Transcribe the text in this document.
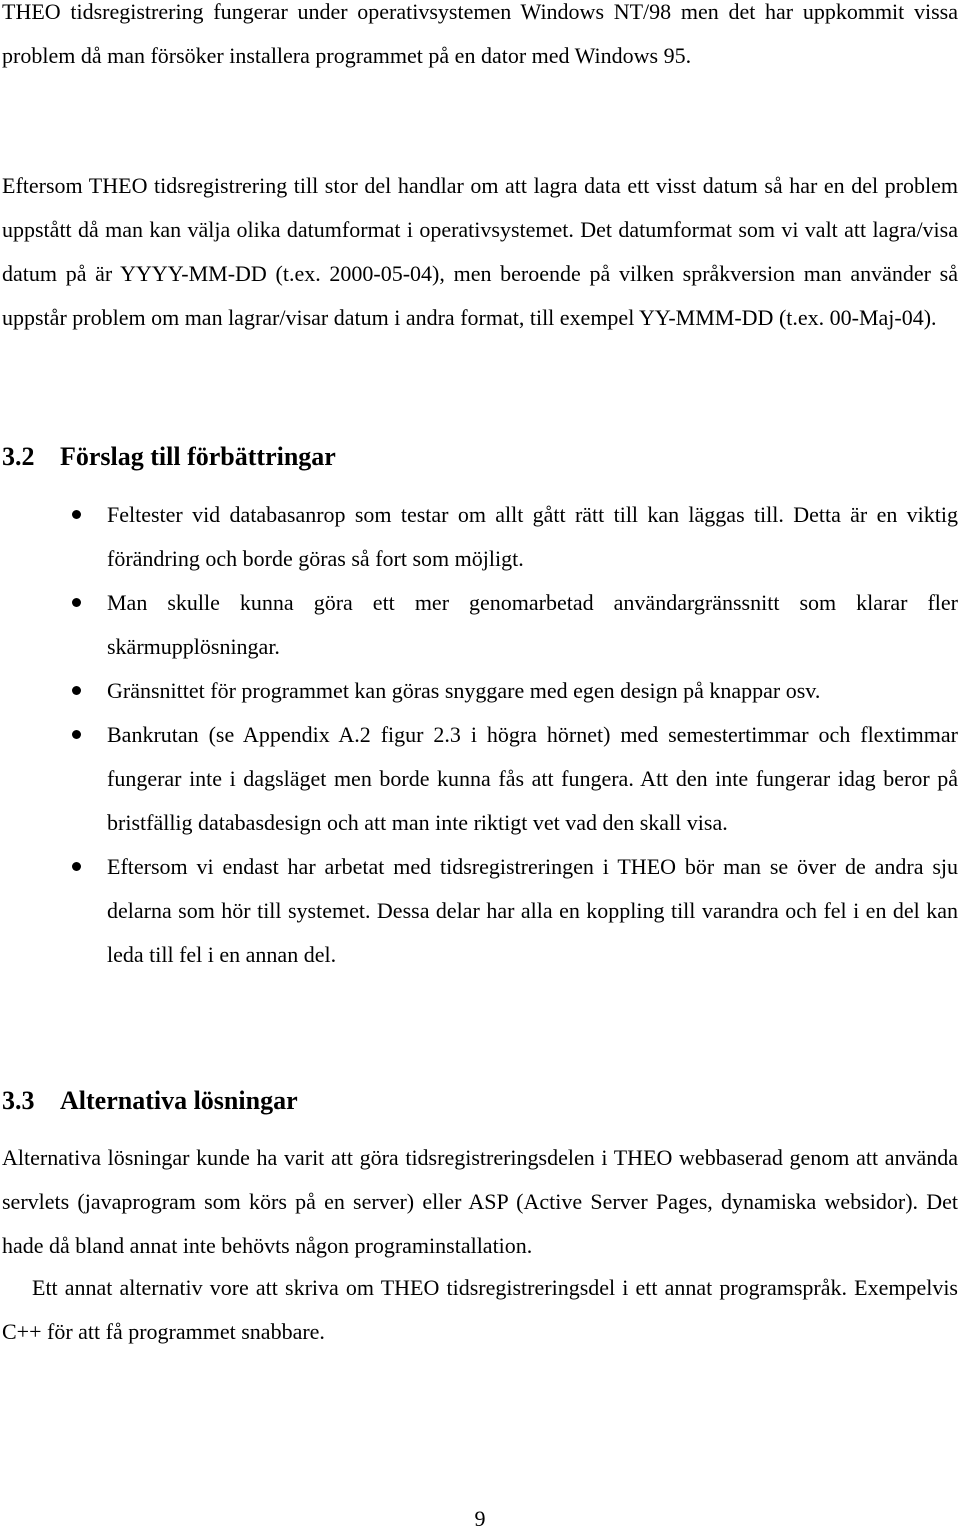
THEO tidsregistrering fungerar under operativsystemen Windows NT/98 men det har uppkommit vissa problem då man försöker installera programmet på en dator med Windows 95.

Eftersom THEO tidsregistrering till stor del handlar om att lagra data ett visst datum så har en del problem uppstått då man kan välja olika datumformat i operativsystemet. Det datumformat som vi valt att lagra/visa datum på är YYYY-MM-DD (t.ex. 2000-05-04), men beroende på vilken språkversion man använder så uppstår problem om man lagrar/visar datum i andra format, till exempel YY-MMM-DD (t.ex. 00-Maj-04).

3.2 Förslag till förbättringar
Feltester vid databasanrop som testar om allt gått rätt till kan läggas till. Detta är en viktig förändring och borde göras så fort som möjligt.
Man skulle kunna göra ett mer genomarbetad användargränssnitt som klarar fler skärmupplösningar.
Gränsnittet för programmet kan göras snyggare med egen design på knappar osv.
Bankrutan (se Appendix A.2 figur 2.3 i högra hörnet) med semestertimmar och flextimmar fungerar inte i dagsläget men borde kunna fås att fungera. Att den inte fungerar idag beror på bristfällig databasdesign och att man inte riktigt vet vad den skall visa.
Eftersom vi endast har arbetat med tidsregistreringen i THEO bör man se över de andra sju delarna som hör till systemet. Dessa delar har alla en koppling till varandra och fel i en del kan leda till fel i en annan del.
3.3 Alternativa lösningar

Alternativa lösningar kunde ha varit att göra tidsregistreringsdelen i THEO webbaserad genom att använda servlets (javaprogram som körs på en server) eller ASP (Active Server Pages, dynamiska websidor). Det hade då bland annat inte behövts någon programinstallation.

Ett annat alternativ vore att skriva om THEO tidsregistreringsdel i ett annat programspråk. Exempelvis C++ för att få programmet snabbare.

9
